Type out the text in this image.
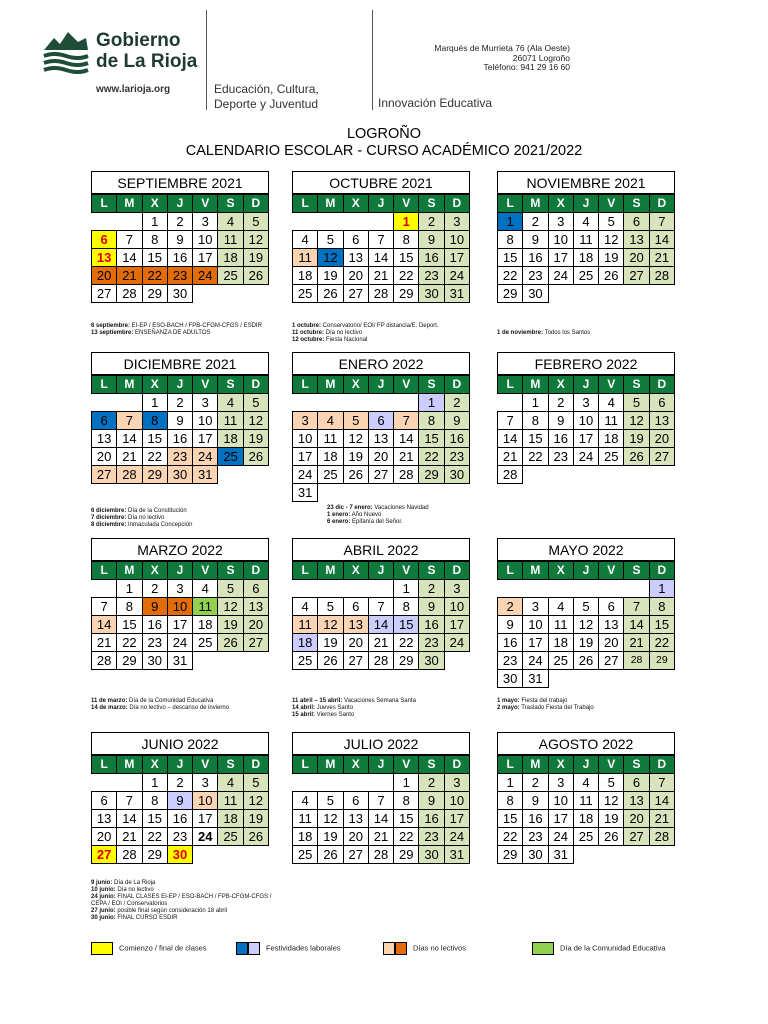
Gobierno
de La Rioja
www.larioja.org	Educación, Cultura,
Deporte y Juventud	Innovación Educativa
Marqués de Murrieta 76 (Ala Oeste)
26071 Logroño
Teléfono: 941 29 16 60
LOGROÑO
CALENDARIO ESCOLAR - CURSO ACADÉMICO 2021/2022
SEPTIEMBRE 2021
L	M	X	J	V	S	D
		1	2	3	4	5
6	7	8	9	10	11	12
13	14	15	16	17	18	19
20	21	22	23	24	25	26
27	28	29	30			
6 septiembre: EI-EP / ESO-BACH / FPB-CFGM-CFGS / ESDIR
13 septiembre: ENSEÑANZA DE ADULTOS
OCTUBRE 2021
L	M	X	J	V	S	D
				1	2	3
4	5	6	7	8	9	10
11	12	13	14	15	16	17
18	19	20	21	22	23	24
25	26	27	28	29	30	31
1 octubre: Conservatorio/ EOI/ FP distancia/E. Deport.
11 octubre: Día no lectivo
12 octubre: Fiesta Nacional
NOVIEMBRE 2021
L	M	X	J	V	S	D
1	2	3	4	5	6	7
8	9	10	11	12	13	14
15	16	17	18	19	20	21
22	23	24	25	26	27	28
29	30					
1 de noviembre: Todos los Santos
DICIEMBRE 2021
L	M	X	J	V	S	D
		1	2	3	4	5
6	7	8	9	10	11	12
13	14	15	16	17	18	19
20	21	22	23	24	25	26
27	28	29	30	31		
6 diciembre: Día de la Constitución
7 diciembre: Día no lectivo
8 diciembre: Inmaculada Concepción
ENERO 2022
L	M	X	J	V	S	D
					1	2
3	4	5	6	7	8	9
10	11	12	13	14	15	16
17	18	19	20	21	22	23
24	25	26	27	28	29	30
31						
23 dic - 7 enero: Vacaciones Navidad
1 enero: Año Nuevo
6 enero: Epifanía del Señor.
FEBRERO 2022
L	M	X	J	V	S	D
	1	2	3	4	5	6
7	8	9	10	11	12	13
14	15	16	17	18	19	20
21	22	23	24	25	26	27
28						
MARZO 2022
L	M	X	J	V	S	D
	1	2	3	4	5	6
7	8	9	10	11	12	13
14	15	16	17	18	19	20
21	22	23	24	25	26	27
28	29	30	31			
11 de marzo: Día de la Comunidad Educativa
14 de marzo: Día no lectivo – descanso de invierno
ABRIL 2022
L	M	X	J	V	S	D
				1	2	3
4	5	6	7	8	9	10
11	12	13	14	15	16	17
18	19	20	21	22	23	24
25	26	27	28	29	30	
11 abril – 15 abril: Vacaciones Semana Santa
14 abril: Jueves Santo
15 abril: Viernes Santo
MAYO 2022
L	M	X	J	V	S	D
						1
2	3	4	5	6	7	8
9	10	11	12	13	14	15
16	17	18	19	20	21	22
23	24	25	26	27	28	29
30	31					
1 mayo: Fiesta del trabajo
2 mayo: Traslado Fiesta del Trabajo
JUNIO 2022
L	M	X	J	V	S	D
		1	2	3	4	5
6	7	8	9	10	11	12
13	14	15	16	17	18	19
20	21	22	23	24	25	26
27	28	29	30			
9 junio: Día de La Rioja
10 junio: Día no lectivo
24 junio: FINAL CLASES EI-EP / ESO-BACH / FPB-CFGM-CFGS / CEPA / EOI / Conservatorios
27 junio: posible final según consideración 18 abril
30 junio: FINAL CURSO ESDIR
JULIO 2022
L	M	X	J	V	S	D
				1	2	3
4	5	6	7	8	9	10
11	12	13	14	15	16	17
18	19	20	21	22	23	24
25	26	27	28	29	30	31
AGOSTO 2022
L	M	X	J	V	S	D
1	2	3	4	5	6	7
8	9	10	11	12	13	14
15	16	17	18	19	20	21
22	23	24	25	26	27	28
29	30	31				
Comienzo / final de clases	Festividades laborales	Días no lectivos	Día de la Comunidad Educativa
